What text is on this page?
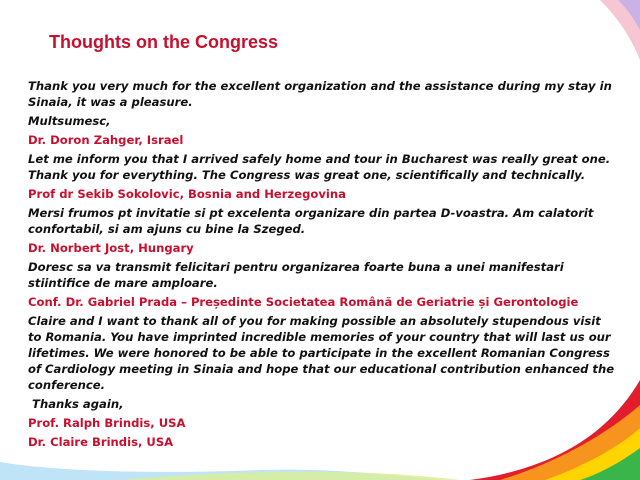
Thoughts on the Congress

Thank you very much for the excellent organization and the assistance during my stay in Sinaia, it was a pleasure.

Multsumesc,

Dr. Doron Zahger, Israel

Let me inform you that I arrived safely home and tour in Bucharest was really great one. Thank you for everything. The Congress was great one, scientifically and technically.

Prof dr Sekib Sokolovic, Bosnia and Herzegovina

Mersi frumos pt invitatie si pt excelenta organizare din partea D-voastra. Am calatorit confortabil, si am ajuns cu bine la Szeged.

Dr. Norbert Jost, Hungary

Doresc sa va transmit felicitari pentru organizarea foarte buna a unei manifestari stiintifice de mare amploare.

Conf. Dr. Gabriel Prada – Președinte Societatea Română de Geriatrie și Gerontologie

Claire and I want to thank all of you for making possible an absolutely stupendous visit to Romania. You have imprinted incredible memories of your country that will last us our lifetimes. We were honored to be able to participate in the excellent Romanian Congress of Cardiology meeting in Sinaia and hope that our educational contribution enhanced the conference.

Thanks again,

Prof. Ralph Brindis, USA

Dr. Claire Brindis, USA
